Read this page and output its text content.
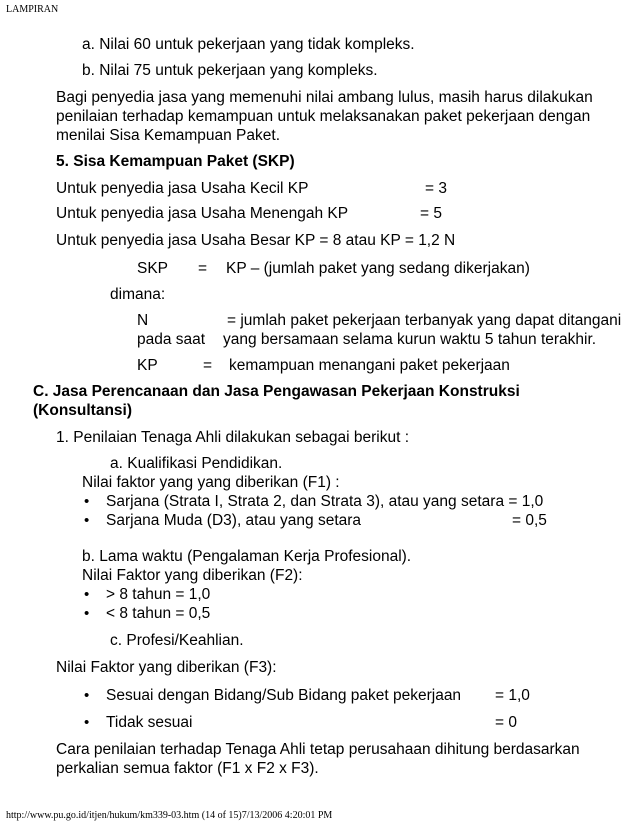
LAMPIRAN
a. Nilai 60 untuk pekerjaan yang tidak kompleks.
b. Nilai 75 untuk pekerjaan yang kompleks.
Bagi penyedia jasa yang memenuhi nilai ambang lulus, masih harus dilakukan
penilaian terhadap kemampuan untuk melaksanakan paket pekerjaan dengan
menilai Sisa Kemampuan Paket.
5. Sisa Kemampuan Paket (SKP)
Untuk penyedia jasa Usaha Kecil KP	= 3
Untuk penyedia jasa Usaha Menengah KP	= 5
Untuk penyedia jasa Usaha Besar KP = 8 atau KP = 1,2 N
SKP = KP – (jumlah paket yang sedang dikerjakan)
dimana:
N	= jumlah paket pekerjaan terbanyak yang dapat ditangani
pada saat yang bersamaan selama kurun waktu 5 tahun terakhir.
KP	= kemampuan menangani paket pekerjaan
C. Jasa Perencanaan dan Jasa Pengawasan Pekerjaan Konstruksi
(Konsultansi)
1. Penilaian Tenaga Ahli dilakukan sebagai berikut :
a. Kualifikasi Pendidikan.
Nilai faktor yang yang diberikan (F1) :
• Sarjana (Strata I, Strata 2, dan Strata 3), atau yang setara = 1,0
• Sarjana Muda (D3), atau yang setara	= 0,5
b. Lama waktu (Pengalaman Kerja Profesional).
Nilai Faktor yang diberikan (F2):
• > 8 tahun = 1,0
• < 8 tahun = 0,5
c. Profesi/Keahlian.
Nilai Faktor yang diberikan (F3):
• Sesuai dengan Bidang/Sub Bidang paket pekerjaan = 1,0
• Tidak sesuai	= 0
Cara penilaian terhadap Tenaga Ahli tetap perusahaan dihitung berdasarkan
perkalian semua faktor (F1 x F2 x F3).
http://www.pu.go.id/itjen/hukum/km339-03.htm (14 of 15)7/13/2006 4:20:01 PM
